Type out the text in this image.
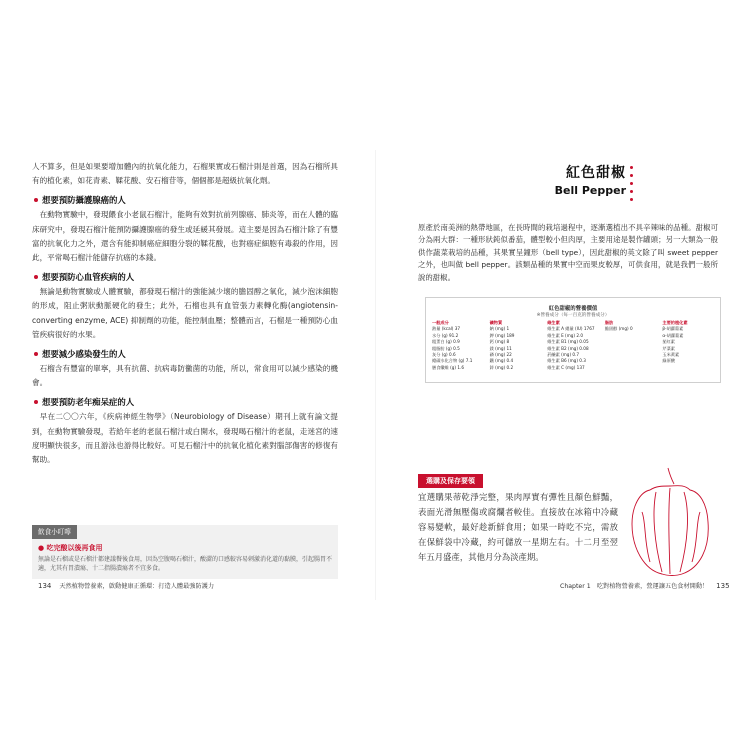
人不算多，但是如果要增加體內的抗氧化能力，石榴果實或石榴汁則是首選，因為石榴所具有的植化素，如花青素、鞣花酸、安石榴苷等，個個都是超級抗氧化劑。

想要預防攝護腺癌的人

在動物實驗中，發現餵食小老鼠石榴汁，能夠有效對抗前列腺癌、肺炎等，而在人體的臨床研究中，發現石榴汁能預防攝護腺癌的發生或延緩其發展。這主要是因為石榴汁除了有豐富的抗氧化力之外，還含有能抑制癌症細胞分裂的鞣花酸，也對癌症細胞有毒殺的作用，因此，平常喝石榴汁能儲存抗癌的本錢。

想要預防心血管疾病的人

無論是動物實驗或人體實驗，都發現石榴汁的強能減少壞的膽固醇之氧化，減少泡沫細胞的形成，阻止粥狀動脈硬化的發生；此外，石榴也具有血管張力素轉化酶(angiotensin-converting enzyme, ACE) 抑制劑的功能，能控制血壓；整體而言，石榴是一種預防心血管疾病很好的水果。

想要減少感染發生的人

石榴含有豐富的單寧，具有抗菌、抗病毒防黴菌的功能，所以，常食用可以減少感染的機會。

想要預防老年痴呆症的人

早在二〇〇六年，《疾病神經生物學》（Neurobiology of Disease）期刊上就有論文提到，在動物實驗發現，若給年老的老鼠石榴汁或白開水，發現喝石榴汁的老鼠，走迷宮的速度明顯快很多，而且游泳也游得比較好。可見石榴汁中的抗氧化植化素對腦部傷害的修復有幫助。

飲食小叮嚀
● 吃完酸以後再食用

無論是石榴或是石榴汁都建議餐後食用，因為空腹喝石榴汁，酸澀的口感較容易刺激消化道的黏膜，引起腸胃不適，尤其有胃潰瘍、十二指腸潰瘍者不宜多食。

134 天然植物營養素，啟動健康正循環：打造人體最強防護力
紅色甜椒
Bell Pepper

原產於南美洲的熱帶地區，在長時間的栽培過程中，逐漸選植出不具辛辣味的品種。甜椒可分為兩大群：一種形狀鈍似番茄，體型較小但肉厚，主要用途是製作罐頭；另一大類為一般供作蔬菜栽培的品種，其果實呈鐘形（bell type），因此甜椒的英文除了叫 sweet pepper 之外，也叫做 bell pepper。該類品種的果實中空而果皮較厚，可供食用，就是我們一般所說的甜椒。

紅色甜椒的營養價值
※營養成分（每一百克的營養成分）
一般成分
熱量 (kcal) 37
水分 (g) 91.2
粗蛋白 (g) 0.9
粗脂肪 (g) 0.5
灰分 (g) 0.6
總碳水化合物 (g) 7.1
膳食纖維 (g) 1.6
礦物質
鈉 (mg) 1
鉀 (mg) 189
鈣 (mg) 8
鎂 (mg) 11
磷 (mg) 22
鐵 (mg) 0.4
鋅 (mg) 0.2
維生素
維生素 A 總量 (IU) 1767
維生素 E (mg) 2.0
維生素 B1 (mg) 0.05
維生素 B2 (mg) 0.08
菸鹼素 (mg) 0.7
維生素 B6 (mg) 0.3
維生素 C (mg) 137
脂肪
膽固醇 (mg) 0
主要的植化素
β-胡蘿蔔素
α-胡蘿蔔素
茄紅素
芹菜素
玉米黃素
綠原酸
選購及保存要領

宜選購果蒂乾淨完整，果肉厚實有彈性且顏色鮮豔，表面光滑無壓傷或腐爛者較佳。直接放在冰箱中冷藏容易變軟，最好趁新鮮食用；如果一時吃不完，需放在保鮮袋中冷藏，約可儲放一星期左右。十二月至翌年五月盛產，其他月分為淡產期。

Chapter 1　吃對植物營養素，營運讓五色食材開動！ 135
